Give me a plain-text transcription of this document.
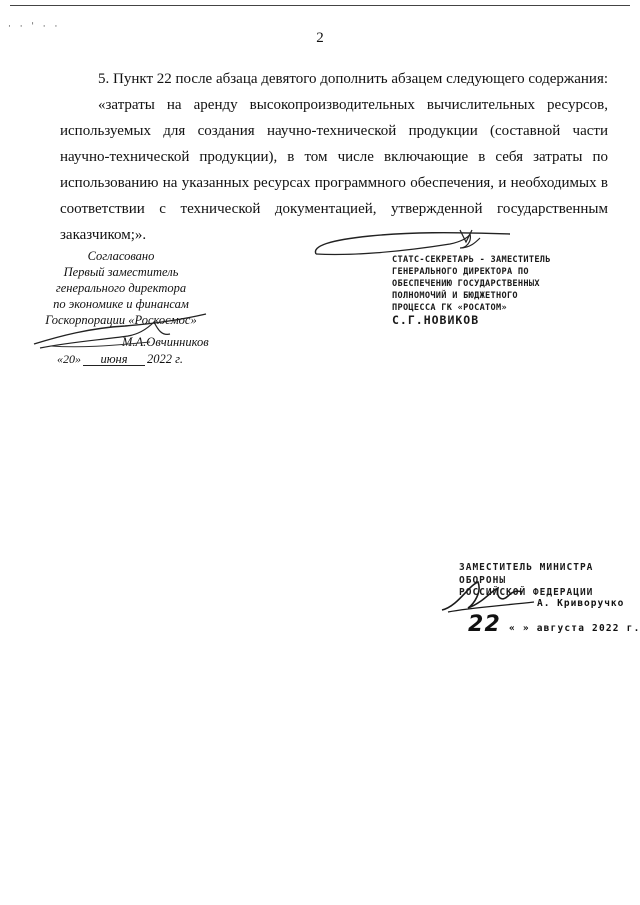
· · ˈ · ·
2

5. Пункт 22 после абзаца девятого дополнить абзацем следующего содержания:

«затраты на аренду высокопроизводительных вычислительных ресурсов, используемых для создания научно-технической продукции (составной части научно-технической продукции), в том числе включающие в себя затраты по использованию на указанных ресурсах программного обеспечения, и необходимых в соответствии с технической документацией, утвержденной государственным заказчиком;».

Согласовано
Первый заместитель
генерального директора
по экономике и финансам
Госкорпорации «Роскосмос»
М.А.Овчинников
«20» июня 2022 г.
СТАТС-СЕКРЕТАРЬ - ЗАМЕСТИТЕЛЬ
ГЕНЕРАЛЬНОГО ДИРЕКТОРА ПО
ОБЕСПЕЧЕНИЮ ГОСУДАРСТВЕННЫХ
ПОЛНОМОЧИЙ И БЮДЖЕТНОГО
ПРОЦЕССА ГК «РОСАТОМ»
С.Г.НОВИКОВ
ЗАМЕСТИТЕЛЬ МИНИСТРА ОБОРОНЫ
РОССИЙСКОЙ ФЕДЕРАЦИИ
А. Криворучко
22 « » августа 2022 г.
